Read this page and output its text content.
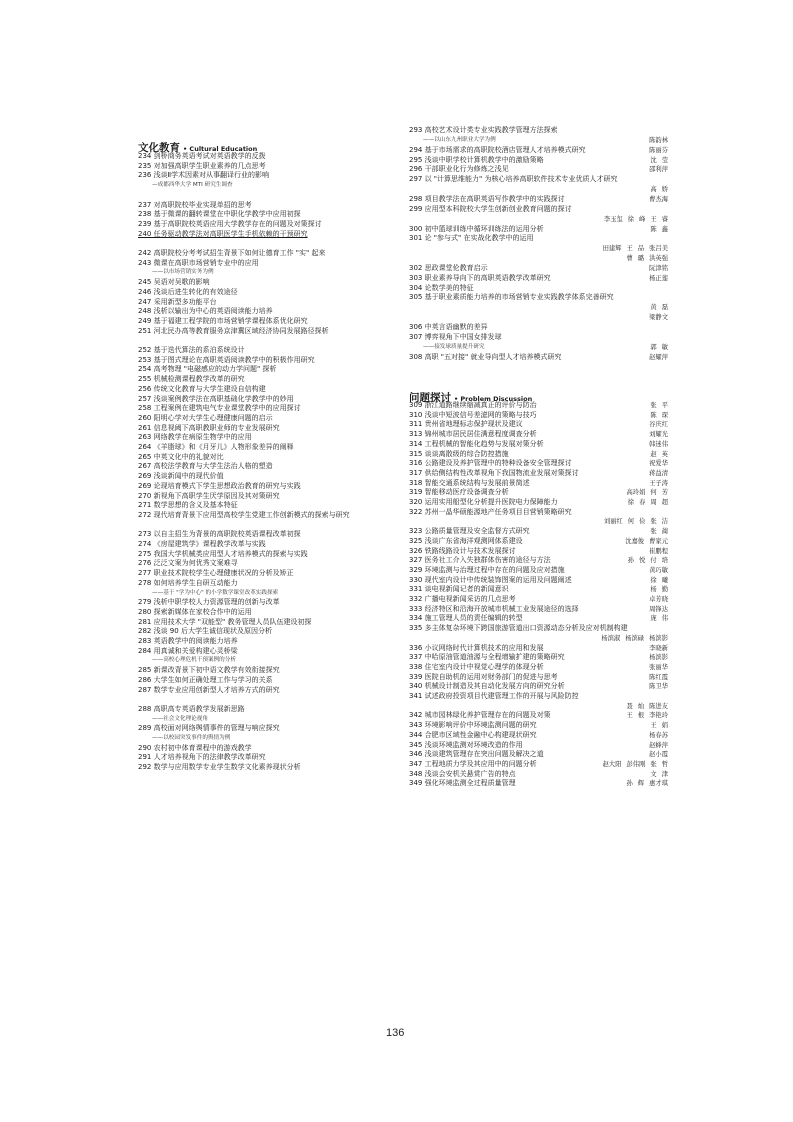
文化教育 • Cultural Education
234 剑桥商务英语考试对英语教学的反拨
235 对加强高职学生职业素养的几点思考
236 浅谈Ⅱ学术因素对从事翻译行业的影响
—成都西华大学 MTI 研究生调查
237 对高职院校毕业实现单招的思考
238 基于微课的翻转课堂在中职化学教学中应用初探
239 基于高职院校英语应用大学教学存在的问题及对策探讨
240 任务驱动教学法对高职医学生手机依赖的干预研究
242 高职院校分考考试招生背景下如何让德育工作 "实" 起来
243 微课在高职市场营销专业中的应用
——以市场营销实务为例
245 吴语对吴歌的影响
246 浅谈后进生转化的有效途径
247 采用新型多功能平台
248 浅析以输出为中心的英语阅读能力培养
249 基于福建工程学院的市场营销学课程体系优化研究
251 河北民办高等教育服务京津冀区域经济协同发展路径探析
252 基于迭代算法的系泊系统设计
253 基于图式理论在高职英语阅读教学中的积极作用研究
254 高考物理 "电磁感应的动力学问题" 探析
255 机械检测课程教学改革的研究
256 传统文化教育与大学生建设自信构建
257 浅谈案例教学法在高职基础化学教学中的妙用
258 工程案例在建筑电气专业课堂教学中的应用探讨
260 阳明心学对大学生心理健康问题的启示
261 信息视阈下高职教职业师的专业发展研究
263 网络教学在病原生物学中的应用
264 《羊脂球》和《月牙儿》人物形象差异的阐释
265 中英文化中的礼貌对比
267 高校法学教育与大学生法治人格的塑造
269 浅谈新闻中的现代价值
269 论现培育模式下学生思想政治教育的研究与实践
270 新视角下高职学生厌学原因及其对策研究
271 数学思想的含义及基本特征
272 现代培育背景下应用型高校学生党建工作创新模式的探索与研究
273 以自主招生为背景的高职院校英语课程改革初探
274 《房屋建筑学》课程教学改革与实践
275 我国大学机械类应用型人才培养模式的探索与实践
276 泛泛文案为何优秀文案难寻
277 职业技术院校学生心理健康状况的分析及矫正
278 如何培养学生自研互动能力
——基于 "学为中心" 的小学数学课堂改革实践探索
279 浅析中职学校人力资源管理的创新与改革
280 探索新媒体在家校合作中的运用
281 应用技术大学 "双能型" 教务管理人员队伍建设初探
282 浅谈 90 后大学生诚信现状及原因分析
283 英语教学中的阅读能力培养
284 用真诚和关爱构建心灵桥梁
——高校心理危机干预案例的分析
285 新课改背景下初中语文教学有效衔接探究
286 大学生如何正确处理工作与学习的关系
287 数学专业应用创新型人才培养方式的研究
288 高职高专英语教学发展新思路
——社会文化理论视角
289 高校面对网络舆情事件的管理与响应探究
——以校园突发事件的舆情为例
290 农村初中体育课程中的游戏教学
291 人才培养视角下的法律教学改革研究
292 数学与应用数学专业学生数学文化素养现状分析
问题探讨 • Problem Discussion
293 高校艺术设计类专业实践教学管理方法探索
——以山东九州职业大学为例	陈韵林
294 基于市场需求的高职院校酒店管理人才培养模式研究	陈丽芬
295 浅谈中职学校计算机教学中的激励策略	沈 莹
296 干部职业化行为修炼之浅见	邵利萍
297 以 "计算思维能力" 为核心培养高职软件技术专业优质人才研究
高 娇
298 项目教学法在高职英语写作教学中的实践探讨	曹杰海
299 应用型本科院校大学生创新创业教育问题的探讨
李玉玺 徐 峰 王 睿
300 初中篮球训练中循环训练法的运用分析	陈 鑫
301 论 "参与式" 在实战化教学中的运用
田建辉 王 品 张吕美
曹 璐 洪英强
302 思政课堂伦教育启示	阮津铭
303 职业素养导向下的高职英语教学改革研究	杨正莲
304 论数学美的特征
305 基于职业素质能力培养的市场营销专业实践教学体系完善研究
黄 磊
梁静文
306 中英言语幽默的差异
307 博弈视角下中国女排发球
——接发球质量提升研究	郭 敏
308 高职 "五对接" 就业导向型人才培养模式研究	赵耀萍
309 浙江道路继续缩减真正的评价与防治	张 平
310 浅谈中短波信号差滤网的策略与技巧	陈 琛
311 贵州省地理标志保护现状及建议	谷庆红
313 锦州城市居民居住满意程度调查分析	刘耀光
314 工程机械的智能化趋势与发展对策分析	韩迷伟
315 谈谈离散级的综合防控措施	赵 英
316 公路建设及养护管理中的特种设备安全管理探讨	祝爱华
317 供给侧结构性改革视角下我国物流业发展对策探讨	蒋益清
318 智能交通系统结构与发展前景简述	王子涛
319 智能移动医疗设备调查分析	高玲娟 何 芳
320 运用实用船型化分析提升医院电力保障能力	徐 春 周 超
322 苏州一晶华硕能源地产任务项目目营销策略研究
刘丽红 何 俭 张 洁
323 公路质量管理及安全监督方式研究	张 蔺
325 浅谈广东省海洋观测网体系建设	沈嘉俊 曹家元
326 铁路线路设计与技术发展探讨	崔鹏程
327 医务社工介入失独群体伤害的途径与方法	孙 悦 付 培
329 环境监测与治理过程中存在的问题及应对措施	黄巧敏
330 现代室内设计中传统装饰图案的运用及问题阐述	徐 曦
331 谈电视新闻记者的新闻意识	杨 勤
332 广播电视新闻采访的几点思考	卓芳晓
333 经济特区和沿海开放城市机械工业发展途径的选择	周锋达
334 施工管理人员的责任编辑的转型	庞 伟
335 多主体复杂环境下跨国旅游管道出口资源动态分析及应对机制构建
杨滨淑 杨滨碌 杨滨影
336 小议网络时代计算机技术的应用和发展	李晓新
337 中哈原油管道油源与全程增输扩建的策略研究	杨滨影
338 住宅室内设计中视觉心理学的体现分析	张丽华
339 医院自助机的运用对财务部门的促进与思考	陈红霞
340 机械设计制造及其自动化发展方向的研究分析	陈卫华
341 试述政府投资项目代建管理工作的开展与风险防控
聂 灿 陈进友
342 城市园林绿化养护管理存在的问题及对策	王 根 李艳玲
343 环境影响评价中环境监测问题的研究	王 娟
344 合肥市区域性金融中心构建现状研究	杨春苏
345 浅谈环境监测对环境改造的作用	赵蜂萍
346 浅谈建筑管理存在突出问题及解决之道	赵小霞
347 工程地质力学及其应用中的问题分析	赵大阳 彭伟刚 张 哲
348 浅谈会安机关悬赏广告的特点	文 津
349 强化环境监测全过程质量管理	孙 辉 惠才琪
136
